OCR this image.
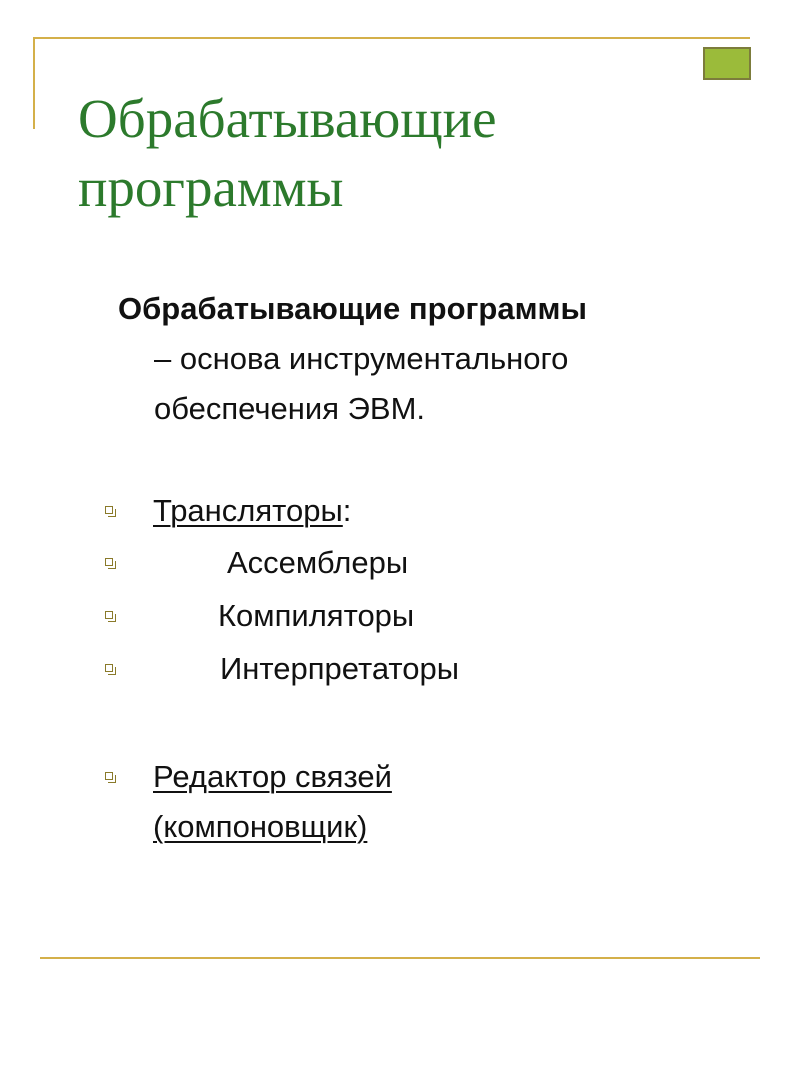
Обрабатывающие программы
Обрабатывающие программы
– основа инструментального обеспечения ЭВМ.
Трансляторы:
Ассемблеры
Компиляторы
Интерпретаторы
Редактор связей
(компоновщик)
